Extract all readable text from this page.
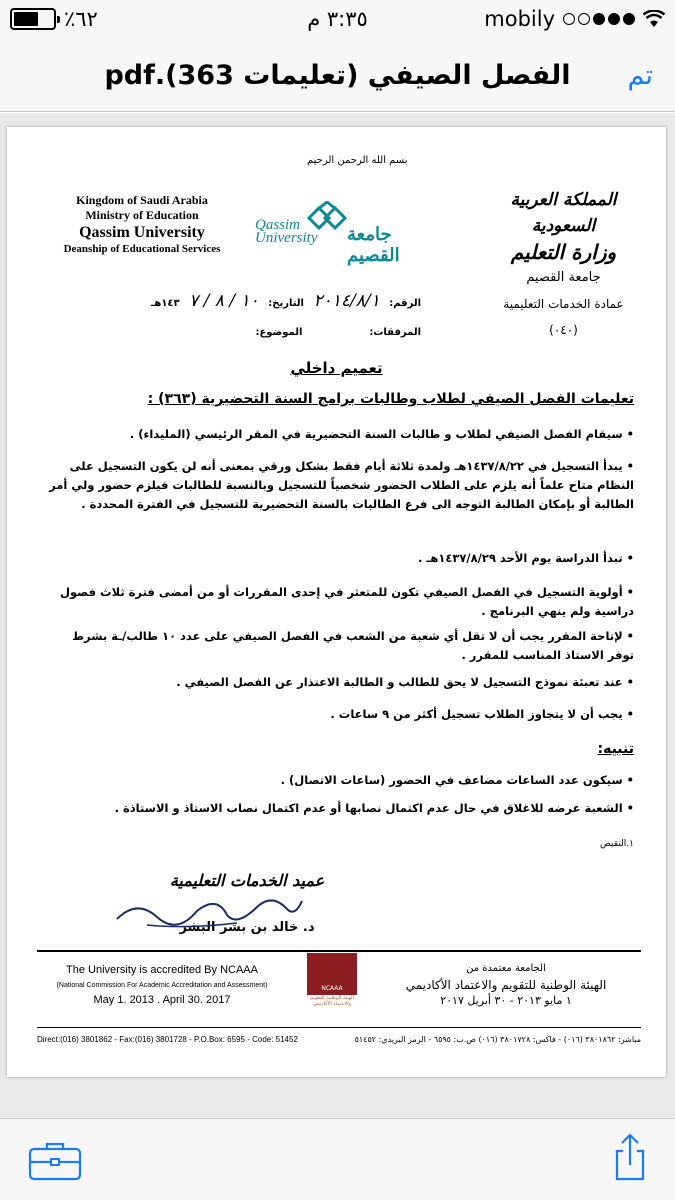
٪٦٢	٣:٣٥ م	mobily
الفصل الصيفي (تعليمات 363).pdf	تم
Kingdom of Saudi Arabia
Ministry of Education
Qassim University
Deanship of Educational Services
بسم الله الرحمن الرحيم
Qassim
University جامعة القصيم
المملكة العربية السعودية
وزارة التعليم
جامعة القصيم
عمادة الخدمات التعليمية
(٠٤٠)
الرقم: ٢٠١٤/٨/١ التاريخ: ١٠ / ٨ / ٧ ١٤٣هـ
المرفقات:  الموضوع:
تعميم داخلي
تعليمات الفصل الصيفي لطلاب وطالبات برامج السنة التحضيرية (٣٦٣) :
• سيقام الفصل الصيفي لطلاب و طالبات السنة التحضيرية في المقر الرئيسي (المليداء) .
• يبدأ التسجيل في ١٤٣٧/٨/٢٢هـ ولمدة ثلاثة أيام فقط بشكل ورقي بمعنى أنه لن يكون التسجيل على النظام متاح علماً أنه يلزم على الطلاب الحضور شخصياً للتسجيل وبالنسبة للطالبات فيلزم حضور ولي أمر الطالبة أو بإمكان الطالبة التوجه الى فرع الطالبات بالسنة التحضيرية للتسجيل في الفترة المحددة .
• تبدأ الدراسة يوم الأحد ١٤٣٧/٨/٢٩هـ .
• أولوية التسجيل في الفصل الصيفي تكون للمتعثر في إحدى المقررات أو من أمضى فترة ثلاث فصول دراسية ولم ينهي البرنامج .
• لإتاحة المقرر يجب أن لا تقل أي شعبة من الشعب في الفصل الصيفي على عدد ١٠ طالب/ـة بشرط توفر الاستاذ المناسب للمقرر .
• عند تعبئة نموذج التسجيل لا يحق للطالب و الطالبة الاعتذار عن الفصل الصيفي .
• يجب أن لا يتجاوز الطلاب تسجيل أكثر من ٩ ساعات .
تنبيه:
• سيكون عدد الساعات مضاعف في الحضور (ساعات الاتصال) .
• الشعبة عرضه للاغلاق في حال عدم اكتمال نصابها أو عدم اكتمال نصاب الاستاذ و الاستاذة .
١.التقيص
عميد الخدمات التعليمية
د. خالد بن بشر البشر
The University is accredited By NCAAA
(National Commission For Academic Accreditation and Assessment)
May 1. 2013 . April 30. 2017
NCAAA
الهيئة الوطنية للتقويم والاعتماد الأكاديمي
الجامعة معتمدة من
الهيئة الوطنية للتقويم والاعتماد الأكاديمي
١ مايو ٢٠١٣ - ٣٠ أبريل ٢٠١٧
Direct:(016) 3801862 - Fax:(016) 3801728 - P.O.Box: 6595 - Code: 51452	مباشر: ٣٨٠١٨٦٢ (٠١٦) - فاكس: ٣٨٠١٧٢٨ (٠١٦) ص.ب: ٦٥٩٥ - الرمز البريدي: ٥١٤٥٢
